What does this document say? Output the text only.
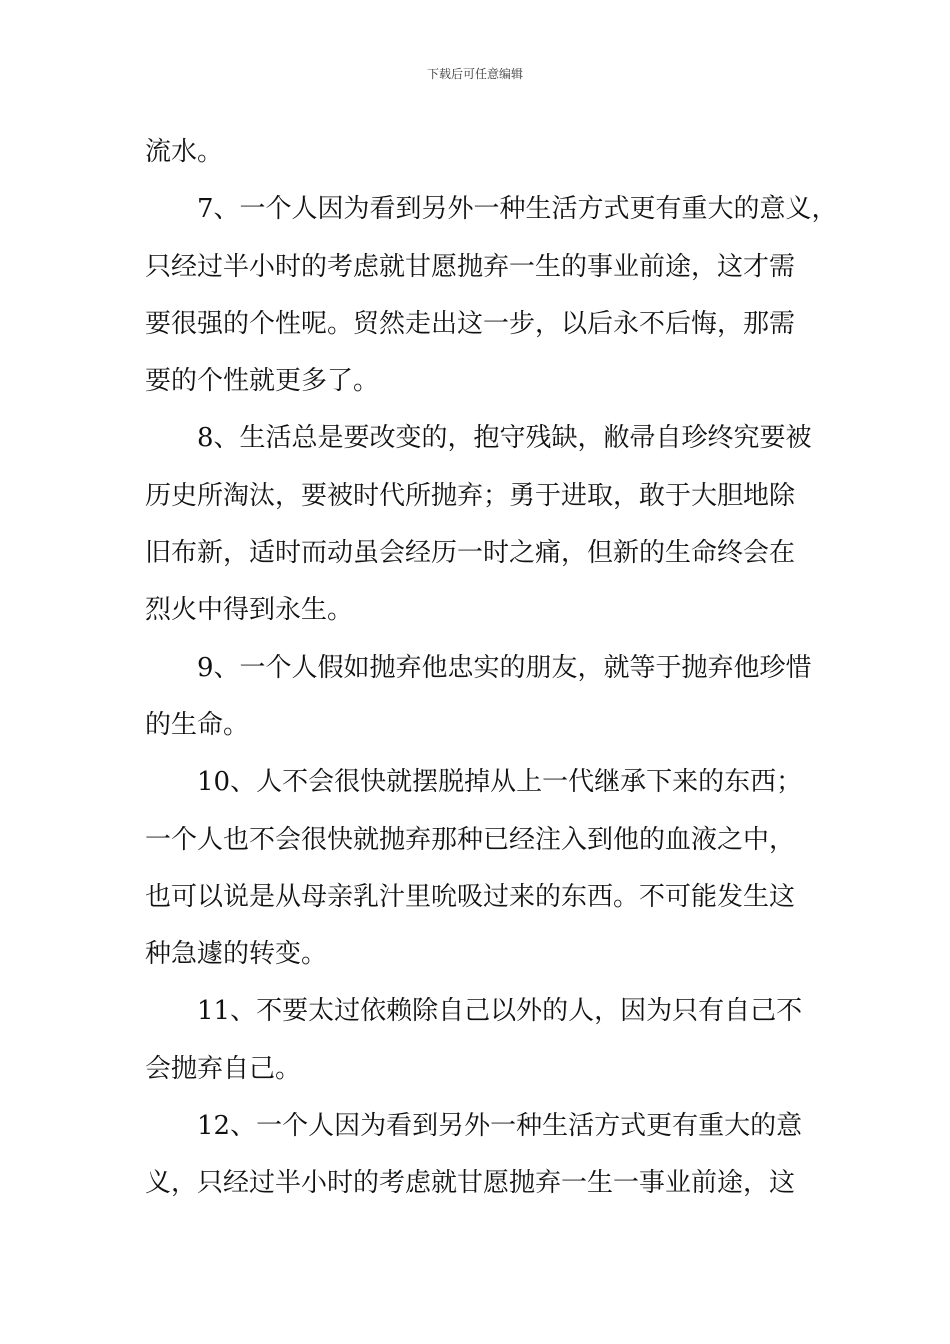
下载后可任意编辑
流水。
7、一个人因为看到另外一种生活方式更有重大的意义，
只经过半小时的考虑就甘愿抛弃一生的事业前途，这才需
要很强的个性呢。贸然走出这一步，以后永不后悔，那需
要的个性就更多了。
8、生活总是要改变的，抱守残缺，敝帚自珍终究要被
历史所淘汰，要被时代所抛弃；勇于进取，敢于大胆地除
旧布新，适时而动虽会经历一时之痛，但新的生命终会在
烈火中得到永生。
9、一个人假如抛弃他忠实的朋友，就等于抛弃他珍惜
的生命。
10、人不会很快就摆脱掉从上一代继承下来的东西；
一个人也不会很快就抛弃那种已经注入到他的血液之中，
也可以说是从母亲乳汁里吮吸过来的东西。不可能发生这
种急遽的转变。
11、不要太过依赖除自己以外的人，因为只有自己不
会抛弃自己。
12、一个人因为看到另外一种生活方式更有重大的意
义，只经过半小时的考虑就甘愿抛弃一生一事业前途，这
